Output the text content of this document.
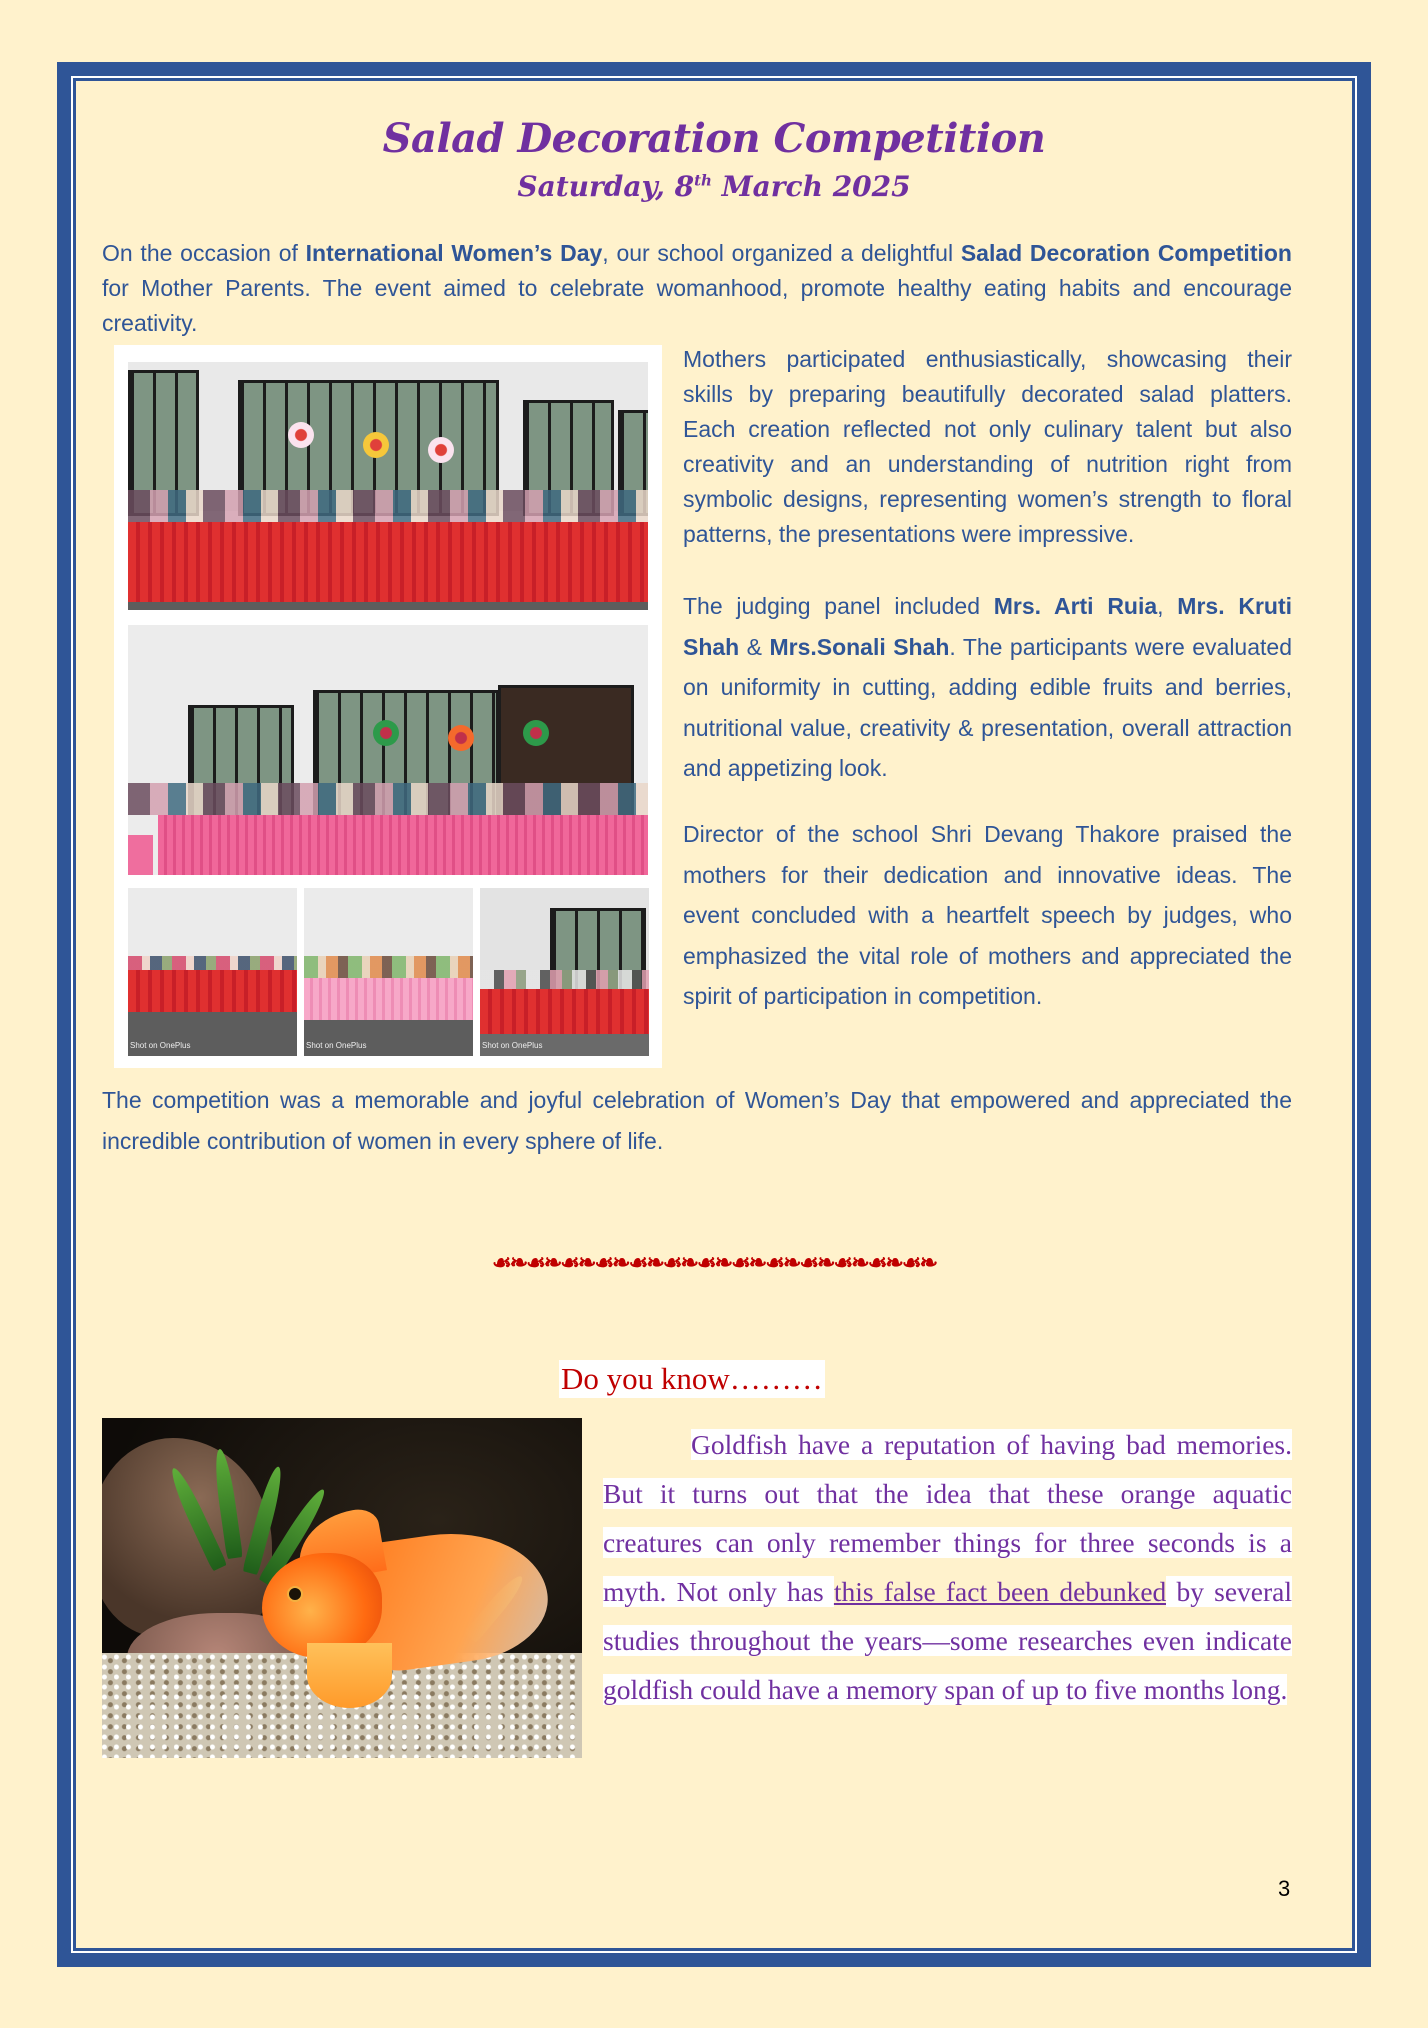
Salad Decoration Competition
Saturday, 8th March 2025

On the occasion of International Women’s Day, our school organized a delightful Salad Decoration Competition for Mother Parents. The event aimed to celebrate womanhood, promote healthy eating habits and encourage creativity.

Shot on OnePlus	Shot on OnePlus	Shot on OnePlus

Mothers participated enthusiastically, showcasing their skills by preparing beautifully decorated salad platters. Each creation reflected not only culinary talent but also creativity and an understanding of nutrition right from symbolic designs, representing women’s strength to floral patterns, the presentations were impressive.

The judging panel included Mrs. Arti Ruia, Mrs. Kruti Shah & Mrs.Sonali Shah. The participants were evaluated on uniformity in cutting, adding edible fruits and berries, nutritional value, creativity & presentation, overall attraction and appetizing look.

Director of the school Shri Devang Thakore praised the mothers for their dedication and innovative ideas. The event concluded with a heartfelt speech by judges, who emphasized the vital role of mothers and appreciated the spirit of participation in competition.

The competition was a memorable and joyful celebration of Women’s Day that empowered and appreciated the incredible contribution of women in every sphere of life.

☙❧☙❧☙❧☙❧☙❧☙❧☙❧☙❧☙❧☙❧☙❧☙❧☙❧
Do you know………

Goldfish have a reputation of having bad memories. But it turns out that the idea that these orange aquatic creatures can only remember things for three seconds is a myth. Not only has this false fact been debunked by several studies throughout the years—some researches even indicate goldfish could have a memory span of up to five months long.

3
